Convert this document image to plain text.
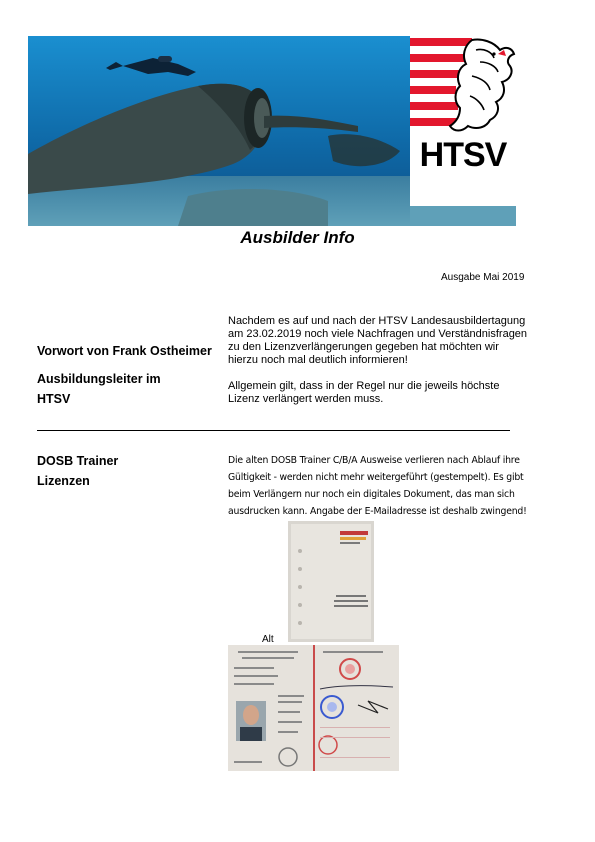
HTSV
Ausbilder Info
Ausgabe Mai 2019
Vorwort von Frank Ostheimer
Ausbildungsleiter im
HTSV
Nachdem es auf und nach der HTSV Landesausbildertagung
am 23.02.2019 noch viele Nachfragen und Verständnisfragen
zu den Lizenzverlängerungen gegeben hat möchten wir
hierzu noch mal deutlich informieren!
Allgemein gilt, dass in der Regel nur die jeweils höchste
Lizenz verlängert werden muss.
DOSB Trainer
Lizenzen
Die alten DOSB Trainer C/B/A Ausweise verlieren nach Ablauf ihre
Gültigkeit - werden nicht mehr weitergeführt (gestempelt). Es gibt
beim Verlängern nur noch ein digitales Dokument, das man sich
ausdrucken kann. Angabe der E-Mailadresse ist deshalb zwingend!
Alt
